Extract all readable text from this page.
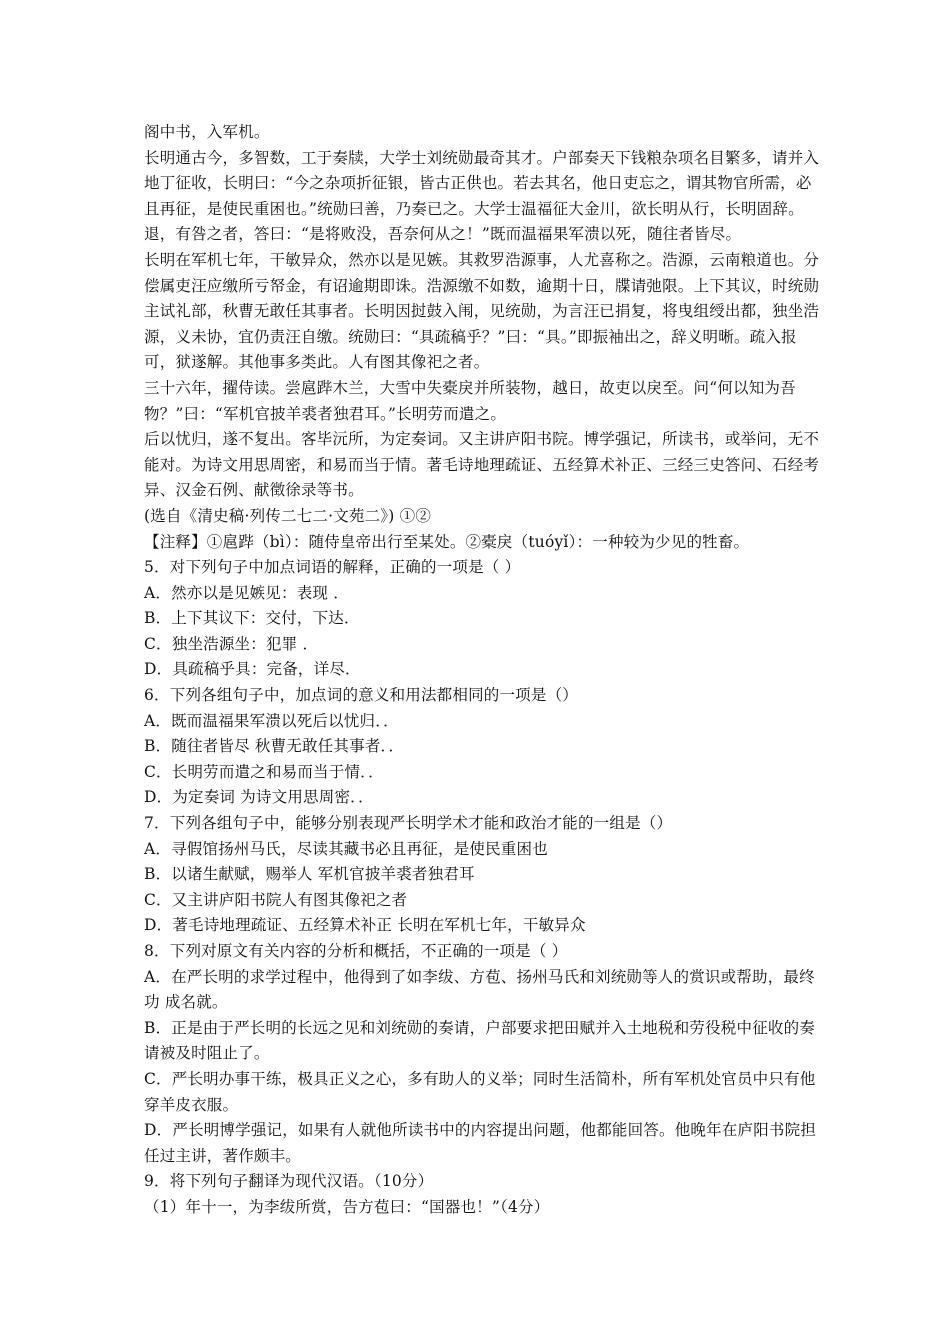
阁中书，入军机。

长明通古今，多智数，工于奏牍，大学士刘统勋最奇其才。户部奏天下钱粮杂项名目繁多，请并入地丁征收，长明曰：“今之杂项折征银，皆古正供也。若去其名，他日吏忘之，谓其物官所需，必且再征，是使民重困也。”统勋曰善，乃奏已之。大学士温福征大金川，欲长明从行，长明固辞。退，有咎之者，答曰：“是将败没，吾奈何从之！”既而温福果军溃以死，随往者皆尽。

长明在军机七年，干敏异众，然亦以是见嫉。其救罗浩源事，人尤喜称之。浩源，云南粮道也。分偿属吏汪应缴所亏帑金，有诏逾期即诛。浩源缴不如数，逾期十日，牒请弛限。上下其议，时统勋主试礼部，秋曹无敢任其事者。长明因挝鼓入闱，见统勋，为言汪已捐复，将曳组绶出都，独坐浩源，义未协，宜仍责汪自缴。统勋曰：“具疏稿乎？”曰：“具。”即振袖出之，辞义明晰。疏入报可，狱遂解。其他事多类此。人有图其像祀之者。

三十六年，擢侍读。尝扈跸木兰，大雪中失橐戾并所装物，越日，故吏以戾至。问“何以知为吾物？”曰：“军机官披羊裘者独君耳。”长明劳而遣之。

后以忧归，遂不复出。客毕沅所，为定奏词。又主讲庐阳书院。博学强记，所读书，或举问，无不能对。为诗文用思周密，和易而当于情。著毛诗地理疏证、五经算术补正、三经三史答问、石经考异、汉金石例、献徵徐录等书。

(选自《清史稿·列传二七二·文苑二》) ①②

【注释】①扈跸（bì）：随侍皇帝出行至某处。②橐戾（tuóyǐ）：一种较为少见的牲畜。

5．对下列句子中加点词语的解释，正确的一项是（ ）

A．然亦以是见嫉见：表现 ．

B．上下其议下：交付，下达．

C．独坐浩源坐：犯罪 ．

D．具疏稿乎具：完备，详尽．

6．下列各组句子中，加点词的意义和用法都相同的一项是（）

A．既而温福果军溃以死后以忧归．．

B．随往者皆尽 秋曹无敢任其事者．．

C．长明劳而遣之和易而当于情．．

D．为定奏词 为诗文用思周密．．

7．下列各组句子中，能够分别表现严长明学术才能和政治才能的一组是（）

A．寻假馆扬州马氏，尽读其藏书必且再征，是使民重困也

B．以诸生献赋，赐举人 军机官披羊裘者独君耳

C．又主讲庐阳书院人有图其像祀之者

D．著毛诗地理疏证、五经算术补正 长明在军机七年，干敏异众

8．下列对原文有关内容的分析和概括，不正确的一项是（ ）

A．在严长明的求学过程中，他得到了如李绂、方苞、扬州马氏和刘统勋等人的赏识或帮助，最终功 成名就。

B．正是由于严长明的长远之见和刘统勋的奏请，户部要求把田赋并入土地税和劳役税中征收的奏请被及时阻止了。

C．严长明办事干练，极具正义之心，多有助人的义举；同时生活简朴，所有军机处官员中只有他穿羊皮衣服。

D．严长明博学强记，如果有人就他所读书中的内容提出问题，他都能回答。他晚年在庐阳书院担任过主讲，著作颇丰。

9．将下列句子翻译为现代汉语。（10分）

（1）年十一，为李绂所赏，告方苞曰：“国器也！”（4分）
